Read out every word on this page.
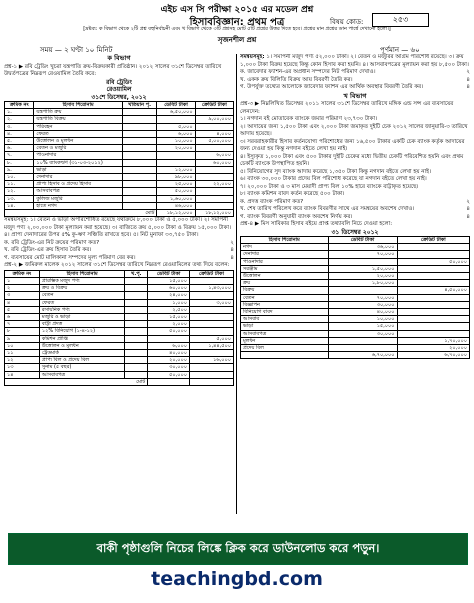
এইচ এস সি পরীক্ষা ২০১৫ এর মডেল প্রশ্ন
হিসাববিজ্ঞান: প্রথম পত্র	বিষয় কোড:	২৫৩
[দ্রষ্টব্য: ক বিভাগ থেকে ২টি প্রশ্ন বহুনির্বাচনী এবং খ বিভাগ থেকে ৩টি প্রশ্নসহ মোট ৫টি প্রশ্নের উত্তর দিতে হবে। প্রশ্নের মান প্রশ্নের ডান পার্শ্বে দেখানো হলো।]
সৃজনশীল প্রশ্ন
সময় — ২ ঘণ্টা ১০ মিনিট	পূর্ণমান — ৬০
ক বিভাগ

প্রশ্ন-১ ▶ রবি ট্রেডিং খুচরা যন্ত্রপাতি ক্রয়-বিক্রয়কারী প্রতিষ্ঠান। ২০১২ সালের ৩১শে ডিসেম্বর তারিখে উদ্বর্তপত্রের নিম্নরূপ রেওয়ামিল তৈরি করে:

রবি ট্রেডিং
রেওয়ামিল
৩১শে ডিসেম্বর, ২০১২
ক্রমিক নং	হিসাব শিরোনাম	খতিয়ান পৃ.	ডেবিট টাকা	ক্রেডিট টাকা
১.	যন্ত্রপাতি ক্রয়		৬,৫০,০০০	
২.	যন্ত্রপাতি বিক্রয়			৯,০০,০০০
৩.	পরিবহন		৫,০০০	
৪.	ফেরত		৬,০০০	৪,০০০
৫.	উত্তোলন ও মূলধন		১০,০০০	৫,০০,০০০
৬.	বেতন ও মজুরি		২০,০০০	
৭.	পাওনাদার			৬,০০০
৮.	১০% ব্যাংকঋণ (৩১-০৩-২০১২)			৬০,০০০
৯.	ভাড়া		১২,০০০	
১০.	দেনাদার		৯৮,০০০	
১১.	প্রাপ্য হিসাব ও প্রদেয় হিসাব		২৫,০০০	২২,০০০
১২.	আসবাবপত্র		৫০,০০০	
১৩.	কুলিজ মজুরি		১,৬০,০০০	
১৪.	হাতে নগদ		৪৬,০০০	
মোট			১৮,১২,০০০	১৮,১২,০০০

সমন্বয়সমূহ: ১। বেতন ও ভাড়া অপরিশোধিত রয়েছে যথাক্রমে ৮,০০০ টাকা ও ৫,০০০ টাকা। ২। সমাপনী মজুদ পণ্য ২,০০,০০০ টাকা মূল্যায়ন করা হয়েছে। ৩। বাজিতে ক্রয় ৫,০০০ টাকা ও বিক্রয় ১৫,০০০ টাকা। ৪। প্রাপ্য দেনাদারের উপর ৫% কু-ঋণ সঞ্চিতি রাখতে হবে। ৫। নিট মুনাফা ৩৩,৭৫০ টাকা।

ক. রবি ট্রেডিং-এর নিট ক্রয়ের পরিমাণ কত?	২
খ. রবি ট্রেডিং-এর ক্রয় হিসাব তৈরি কর।	৪
গ. ব্যবসায়ের মোট মালিকানা সম্পদের মূল্য পরিমাণ বের কর।	৪

প্রশ্ন-২ ▶ জমিরুল মালেক ২০১২ সালের ৩১শে ডিসেম্বর তারিখে নিম্নরূপ রেওয়ামিলের তথ্য দিয়ে বলেন:

ক্রমিক নং	হিসাব শিরোনাম	খ.পৃ.	ডেবিট টাকা	ক্রেডিট টাকা
১	প্রারম্ভিক মজুদ পণ্য		১৫,০০০	
২	ক্রয় ও বিক্রয়		৬০,০০০	১,৪৩,০০০
৩	বেতন		২৪,০০০	
৪	ফেরত		১,০০০	৩,০০০
৫	রসায়নিক পণ্য		২,৫০০	
৬	মজুরি ও ভাড়া		১৫,০০০	
৭	বাট্টা প্রদত্ত		২,০০০	
৮	১২% বিনিয়োগ (১-৪-১২)		৫০,০০০	
৯	কমিশন প্রাপ্তি			৫,০০০
১০	উত্তোলন ও মূলধন		৬,০০০	১,৪৪,৫০০
১১	ট্রেডমার্ক		৪০,০০০	
১২	প্রাপ্য বিল ও প্রদেয় বিল		২০,০০০	১৬,০০০
১৩	সুনাম (৫ বছর)		৩০,০০০	
১৪	আসবাবপত্র		৫০,০০০	
মোট				

সমন্বয়সমূহ: ১। সমাপনী মজুদ পণ্য ৫২,০০০ টাকা। ২। বেতন ও মজুরির অগ্রিম পরিশোধ রয়েছে। ৩। ক্রয় ১,০০০ টাকা বিক্রয় হয়েছে কিন্তু কোন হিসাব করা হয়নি। ৪। আসবাবপত্রের মূল্যায়ন করা হয় ৮,৫০০ টাকা।

ক. জাবেদার ফ্যাশন-এর অপ্রধান সম্পদের নিট পরিমাণ দেখাও।	২
খ. একক ক্রয় বিলিতি বিক্রয় আয় বিবরণী তৈরি কর।	৪
গ. উপর্যুক্ত তথ্যের আলোকে জাবেদার ফ্যাশন এর আর্থিক অবস্থার বিবরণী তৈরি কর।	৪
খ বিভাগ

প্রশ্ন-৩ ▶ নিম্নলিখিত ডিসেম্বর ২০১১ সালের ৩১শে ডিসেম্বর তারিখে মঙ্গিক এন্ড সন্স এর ব্যবসায়ের লেনদেন:

১। নগদান বই মোতাবেক ব্যাংকে জমার পরিমাণ ২৩,৭৩০ টাকা।

২। আদায়ের জন্য ১,৫০০ টাকা এবং ২,০০০ টাকা জমাকৃত দুইটি চেক ২০১২ সালের জানুয়ারি-৩ তারিখে আদায় হয়েছে।

৩। সরবরাহকারীর হিসাব কর্তনযোগ্য পরিশোধের জন্য ১৬,৫০০ টাকার একটি চেক ব্যাংক কর্তৃক আদায়ের জন্য দেওয়া হয় কিন্তু নগদান বইতে লেখা হয় নাই।

৪। ইস্যুকৃত ১,০০০ টাকা এবং ৫০০ টাকার দুইটি চেকের মধ্যে দ্বিতীয় চেকটি পরিবেশিত হয়নি এবং প্রথম চেকটি ব্যাংকে উপস্থাপিত হয়নি।

৫। বিনিয়োগের সুদ ব্যাংক আদায় করেছে ১,৩৫০ টাকা কিন্তু নগদান বইতে লেখা হয় নাই।

৬। ব্যাংক ৩০,০০০ টাকার প্রদেয় বিল পরিশোধ করেছে যা নগদান বইতে লেখা হয় নাই।

৭। ২০,০০০ টাকা ও ৩ মাস মেয়াদী প্রাপ্য বিল ১০% হারে ব্যাংকে বাট্টাকৃত হয়েছে।

৮। ব্যাংক কমিশন বাবদ কর্তন করেছে ৫০০ টাকা।

ক. প্রদত্ত ব্যাংক পরিমাণ কত?	২
খ. শেষ তারিখ পরিলেখ করে ব্যাংক বিবরণীর সাথে এর সমন্বয়ের অবশেষ দেখাও।	৪
গ. ব্যাংক বিবরণী অনুযায়ী ব্যাংক অবশেষ নির্ণয় কর।	৪

প্রশ্ন-৪ ▶ মিস সাবিকার হিসাব বইয়ে প্রাপ্ত তথ্যাবলি নিচে দেওয়া হলো:

৩১ ডিসেম্বর ২০১২
হিসাব শিরোনাম	ডেবিট টাকা	ক্রেডিট টাকা
নগদ	৩৬,০০০	
দেনাদার	৭০,০০০	
পাওনাদার		৫০,০০০
সরঞ্জাম	১,৫০,০০০	
উত্তোলন	২০,০০০	
ক্রয়	১,৮০,০০০	
বিক্রয়		৪,৫০,০০০
বেতন	৭০,০০০	
বিজ্ঞাপন	৩০,০০০	
বিনিয়োগ বাবদ	৪০,০০০	
আসবাব	১০,০০০	
ভাড়া	১৫,০০০	
আসবাবপত্র	৩০,০০০	
মূলধন		১,৭০,০০০
প্রদেয় বিল		২০,০০০
	৬,৭০,০০০	৬,৭০,০০০
বাকী পৃষ্ঠাগুলি নিচের লিঙ্কে ক্লিক করে ডাউনলোড করে পড়ুন।
teachingbd.com
